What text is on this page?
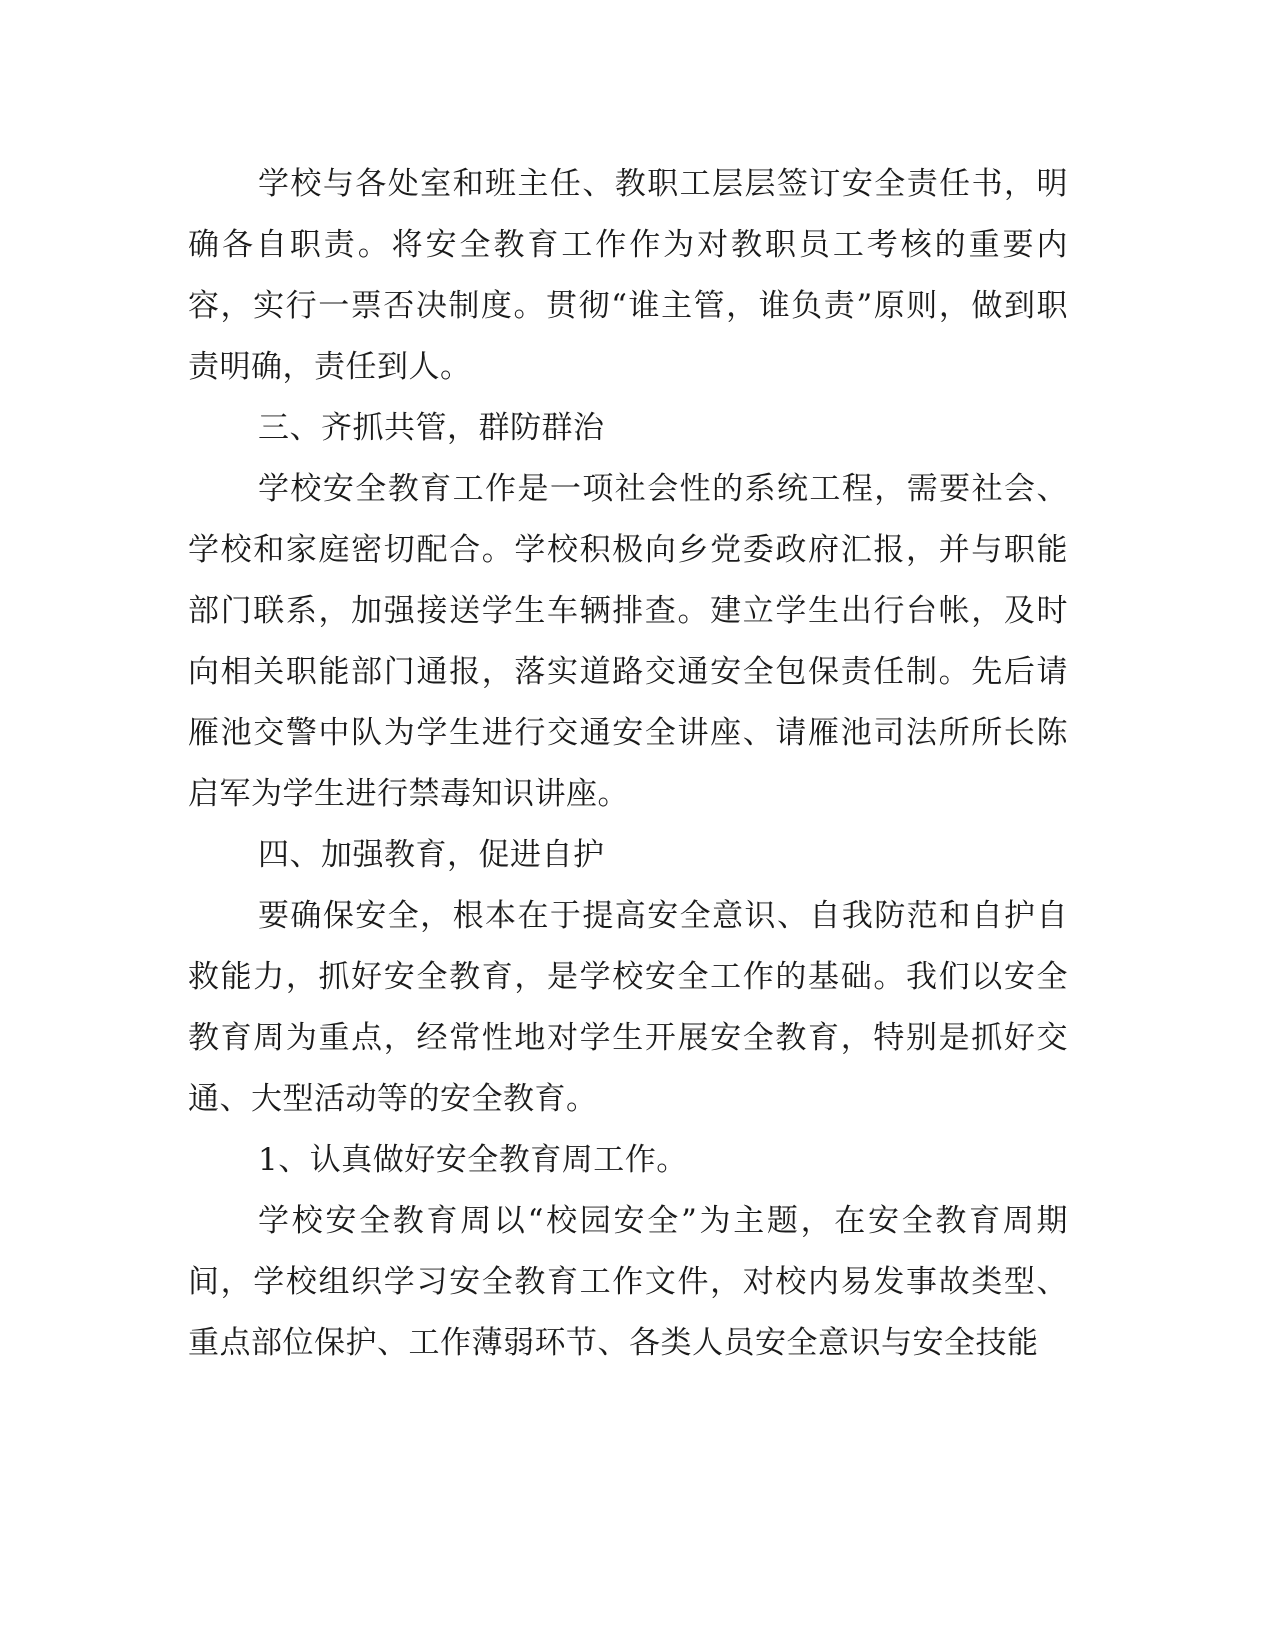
学校与各处室和班主任、教职工层层签订安全责任书，明确各自职责。将安全教育工作作为对教职员工考核的重要内容，实行一票否决制度。贯彻“谁主管，谁负责”原则，做到职责明确，责任到人。

三、齐抓共管，群防群治

学校安全教育工作是一项社会性的系统工程，需要社会、学校和家庭密切配合。学校积极向乡党委政府汇报，并与职能部门联系，加强接送学生车辆排查。建立学生出行台帐，及时向相关职能部门通报，落实道路交通安全包保责任制。先后请雁池交警中队为学生进行交通安全讲座、请雁池司法所所长陈启军为学生进行禁毒知识讲座。

四、加强教育，促进自护

要确保安全，根本在于提高安全意识、自我防范和自护自救能力，抓好安全教育，是学校安全工作的基础。我们以安全教育周为重点，经常性地对学生开展安全教育，特别是抓好交通、大型活动等的安全教育。

1、认真做好安全教育周工作。

学校安全教育周以“校园安全”为主题，在安全教育周期间，学校组织学习安全教育工作文件，对校内易发事故类型、重点部位保护、工作薄弱环节、各类人员安全意识与安全技能
